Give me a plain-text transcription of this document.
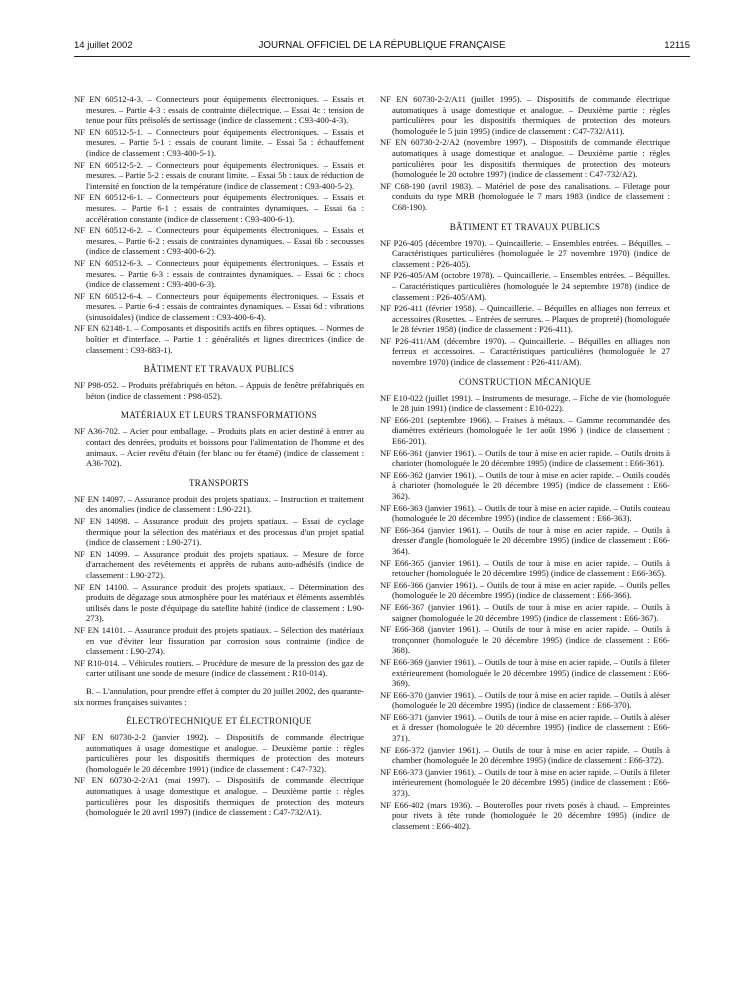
14 juillet 2002	JOURNAL OFFICIEL DE LA RÉPUBLIQUE FRANÇAISE	12115

NF EN 60512-4-3. – Connecteurs pour équipements électroniques. – Essais et mesures. – Partie 4-3 : essais de contrainte diélectrique. – Essai 4c : tension de tenue pour fûts préisolés de sertissage (indice de classement : C93-400-4-3).

NF EN 60512-5-1. – Connecteurs pour équipements électroniques. – Essais et mesures. – Partie 5-1 : essais de courant limite. – Essai 5a : échauffement (indice de classement : C93-400-5-1).

NF EN 60512-5-2. – Connecteurs pour équipements électroniques. – Essais et mesures. – Partie 5-2 : essais de courant limite. – Essai 5b : taux de réduction de l'intensité en fonction de la température (indice de classement : C93-400-5-2).

NF EN 60512-6-1. – Connecteurs pour équipements électroniques. – Essais et mesures. – Partie 6-1 : essais de contraintes dynamiques. – Essai 6a : accélération constante (indice de classement : C93-400-6-1).

NF EN 60512-6-2. – Connecteurs pour équipements électroniques. – Essais et mesures. – Partie 6-2 : essais de contraintes dynamiques. – Essai 6b : secousses (indice de classement : C93-400-6-2).

NF EN 60512-6-3. – Connecteurs pour équipements électroniques. – Essais et mesures. – Partie 6-3 : essais de contraintes dynamiques. – Essai 6c : chocs (indice de classement : C93-400-6-3).

NF EN 60512-6-4. – Connecteurs pour équipements électroniques. – Essais et mesures. – Partie 6-4 : essais de contraintes dynamiques. – Essai 6d : vibrations (sinusoïdales) (indice de classement : C93-400-6-4).

NF EN 62148-1. – Composants et dispositifs actifs en fibres optiques. – Normes de boîtier et d'interface. – Partie 1 : généralités et lignes directrices (indice de classement : C93-883-1).

BÂTIMENT ET TRAVAUX PUBLICS

NF P98-052. – Produits préfabriqués en béton. – Appuis de fenêtre préfabriqués en béton (indice de classement : P98-052).

MATÉRIAUX ET LEURS TRANSFORMATIONS

NF A36-702. – Acier pour emballage. – Produits plats en acier destiné à entrer au contact des denrées, produits et boissons pour l'alimentation de l'homme et des animaux. – Acier revêtu d'étain (fer blanc ou fer étamé) (indice de classement : A36-702).

TRANSPORTS

NF EN 14097. – Assurance produit des projets spatiaux. – Instruction et traitement des anomalies (indice de classement : L90-221).

NF EN 14098. – Assurance produit des projets spatiaux. – Essai de cyclage thermique pour la sélection des matériaux et des processus d'un projet spatial (indice de classement : L90-271).

NF EN 14099. – Assurance produit des projets spatiaux. – Mesure de force d'arrachement des revêtements et apprêts de rubans auto-adhésifs (indice de classement : L90-272).

NF EN 14100. – Assurance produit des projets spatiaux. – Détermination des produits de dégazage sous atmosphère pour les matériaux et éléments assemblés utilisés dans le poste d'équipage du satellite habité (indice de classement : L90-273).

NF EN 14101. – Assurance produit des projets spatiaux. – Sélection des matériaux en vue d'éviter leur fissuration par corrosion sous contrainte (indice de classement : L90-274).

NF R10-014. – Véhicules routiers. – Procédure de mesure de la pression des gaz de carter utilisant une sonde de mesure (indice de classement : R10-014).

B. – L'annulation, pour prendre effet à compter du 20 juillet 2002, des quarante-six normes françaises suivantes :

ÉLECTROTECHNIQUE ET ÉLECTRONIQUE

NF EN 60730-2-2 (janvier 1992). – Dispositifs de commande électrique automatiques à usage domestique et analogue. – Deuxième partie : règles particulières pour les dispositifs thermiques de protection des moteurs (homologuée le 20 décembre 1991) (indice de classement : C47-732).

NF EN 60730-2-2/A1 (mai 1997). – Dispositifs de commande électrique automatiques à usage domestique et analogue. – Deuxième partie : règles particulières pour les dispositifs thermiques de protection des moteurs (homologuée le 20 avril 1997) (indice de classement : C47-732/A1).

NF EN 60730-2-2/A11 (juillet 1995). – Dispositifs de commande électrique automatiques à usage domestique et analogue. – Deuxième partie : règles particulières pour les dispositifs thermiques de protection des moteurs (homologuée le 5 juin 1995) (indice de classement : C47-732/A11).

NF EN 60730-2-2/A2 (novembre 1997). – Dispositifs de commande électrique automatiques à usage domestique et analogue. – Deuxième partie : règles particulières pour les dispositifs thermiques de protection des moteurs (homologuée le 20 octobre 1997) (indice de classement : C47-732/A2).

NF C68-190 (avril 1983). – Matériel de pose des canalisations. – Filetage pour conduits du type MRB (homologuée le 7 mars 1983 (indice de classement : C68-190).

BÂTIMENT ET TRAVAUX PUBLICS

NF P26-405 (décembre 1970). – Quincaillerie. – Ensembles entrées. – Béquilles. – Caractéristiques particulières (homologuée le 27 novembre 1970) (indice de classement : P26-405).

NF P26-405/AM (octobre 1978). – Quincaillerie. – Ensembles entrées. – Béquilles. – Caractéristiques particulières (homologuée le 24 septembre 1978) (indice de classement : P26-405/AM).

NF P26-411 (février 1958). – Quincaillerie. – Béquilles en alliages non ferreux et accessoires (Rosettes. – Entrées de serrures. – Plaques de propreté) (homologuée le 28 février 1958) (indice de classement : P26-411).

NF P26-411/AM (décembre 1970). – Quincaillerie. – Béquilles en alliages non ferreux et accessoires. – Caractéristiques particulières (homologuée le 27 novembre 1970) (indice de classement : P26-411/AM).

CONSTRUCTION MÉCANIQUE

NF E10-022 (juillet 1991). – Instruments de mesurage. – Fiche de vie (homologuée le 28 juin 1991) (indice de classement : E10-022).

NF E66-201 (septembre 1966). – Fraises à métaux. – Gamme recommandée des diamètres extérieurs (homologuée le 1er août 1996 ) (indice de classement : E66-201).

NF E66-361 (janvier 1961). – Outils de tour à mise en acier rapide. – Outils droits à charioter (homologuée le 20 décembre 1995) (indice de classement : E66-361).

NF E66-362 (janvier 1961). – Outils de tour à mise en acier rapide. – Outils coudés à charioter (homologuée le 20 décembre 1995) (indice de classement : E66-362).

NF E66-363 (janvier 1961). – Outils de tour à mise en acier rapide. – Outils couteau (homologuée le 20 décembre 1995) (indice de classement : E66-363).

NF E66-364 (janvier 1961). – Outils de tour à mise en acier rapide. – Outils à dresser d'angle (homologuée le 20 décembre 1995) (indice de classement : E66-364).

NF E66-365 (janvier 1961). – Outils de tour à mise en acier rapide. – Outils à retoucher (homologuée le 20 décembre 1995) (indice de classement : E66-365).

NF E66-366 (janvier 1961). – Outils de tour à mise en acier rapide. – Outils pelles (homologuée le 20 décembre 1995) (indice de classement : E66-366).

NF E66-367 (janvier 1961). – Outils de tour à mise en acier rapide. – Outils à saigner (homologuée le 20 décembre 1995) (indice de classement : E66-367).

NF E66-368 (janvier 1961). – Outils de tour à mise en acier rapide. – Outils à tronçonner (homologuée le 20 décembre 1995) (indice de classement : E66-368).

NF E66-369 (janvier 1961). – Outils de tour à mise en acier rapide. – Outils à fileter extérieurement (homologuée le 20 décembre 1995) (indice de classement : E66-369).

NF E66-370 (janvier 1961). – Outils de tour à mise en acier rapide. – Outils à aléser (homologuée le 20 décembre 1995) (indice de classement : E66-370).

NF E66-371 (janvier 1961). – Outils de tour à mise en acier rapide. – Outils à aléser et à dresser (homologuée le 20 décembre 1995) (indice de classement : E66-371).

NF E66-372 (janvier 1961). – Outils de tour à mise en acier rapide. – Outils à chamber (homologuée le 20 décembre 1995) (indice de classement : E66-372).

NF E66-373 (janvier 1961). – Outils de tour à mise en acier rapide. – Outils à fileter intérieurement (homologuée le 20 décembre 1995) (indice de classement : E66-373).

NF E66-402 (mars 1936). – Bouterolles pour rivets posés à chaud. – Empreintes pour rivets à tête ronde (homologuée le 20 décembre 1995) (indice de classement : E66-402).
